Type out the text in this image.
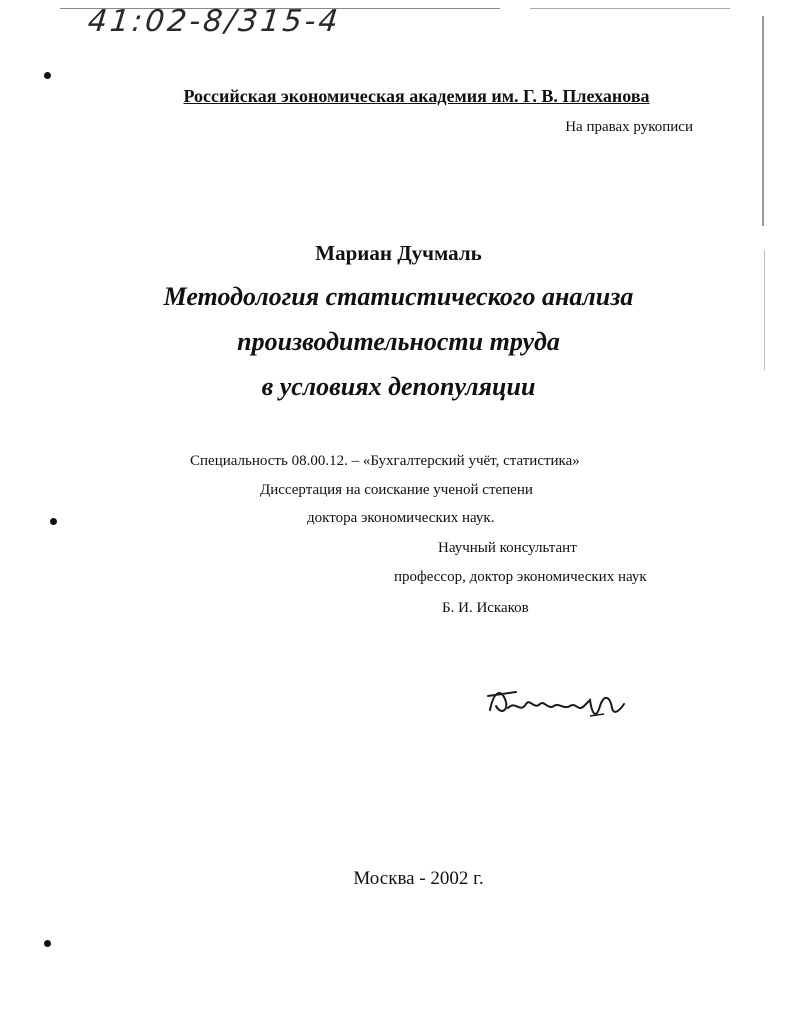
41:02-8/315-4
Российская экономическая академия им. Г. В. Плеханова
На правах рукописи
Мариан Дучмаль
Методология статистического анализа
производительности труда
в условиях депопуляции
Специальность 08.00.12. – «Бухгалтерский учёт, статистика»
Диссертация на соискание ученой степени
доктора экономических наук.
Научный консультант
профессор, доктор экономических наук
Б. И. Искаков
Москва - 2002 г.
